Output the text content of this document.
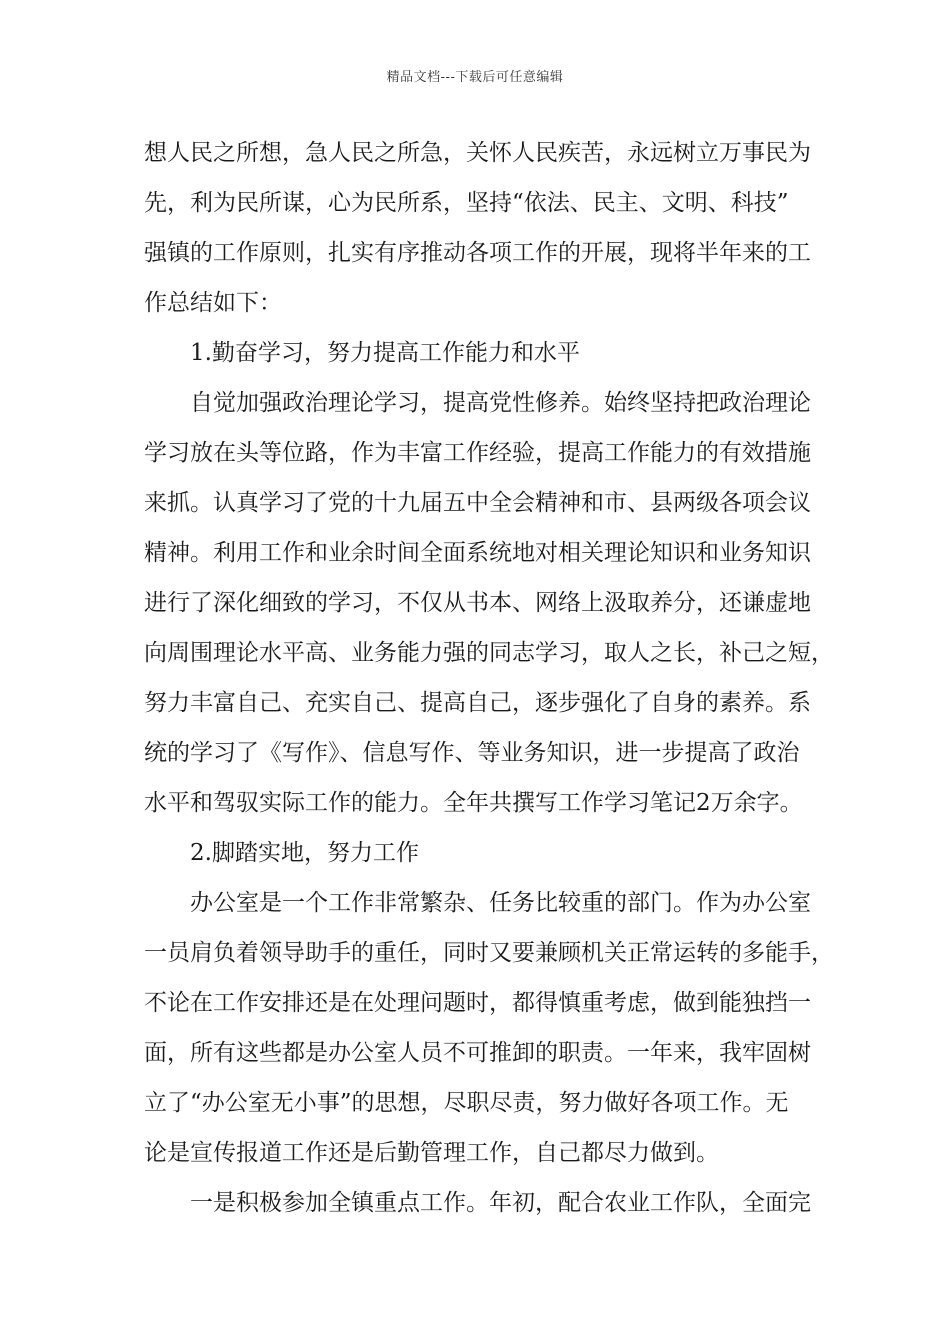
精品文档---下载后可任意编辑
想人民之所想，急人民之所急，关怀人民疾苦，永远树立万事民为
先，利为民所谋，心为民所系，坚持“依法、民主、文明、科技”
强镇的工作原则，扎实有序推动各项工作的开展，现将半年来的工
作总结如下：
1.勤奋学习，努力提高工作能力和水平
自觉加强政治理论学习，提高党性修养。始终坚持把政治理论
学习放在头等位路，作为丰富工作经验，提高工作能力的有效措施
来抓。认真学习了党的十九届五中全会精神和市、县两级各项会议
精神。利用工作和业余时间全面系统地对相关理论知识和业务知识
进行了深化细致的学习，不仅从书本、网络上汲取养分，还谦虚地
向周围理论水平高、业务能力强的同志学习，取人之长，补己之短，
努力丰富自己、充实自己、提高自己，逐步强化了自身的素养。系
统的学习了《写作》、信息写作、等业务知识，进一步提高了政治
水平和驾驭实际工作的能力。全年共撰写工作学习笔记2万余字。
2.脚踏实地，努力工作
办公室是一个工作非常繁杂、任务比较重的部门。作为办公室
一员肩负着领导助手的重任，同时又要兼顾机关正常运转的多能手，
不论在工作安排还是在处理问题时，都得慎重考虑，做到能独挡一
面，所有这些都是办公室人员不可推卸的职责。一年来，我牢固树
立了“办公室无小事”的思想，尽职尽责，努力做好各项工作。无
论是宣传报道工作还是后勤管理工作，自己都尽力做到。
一是积极参加全镇重点工作。年初，配合农业工作队，全面完
